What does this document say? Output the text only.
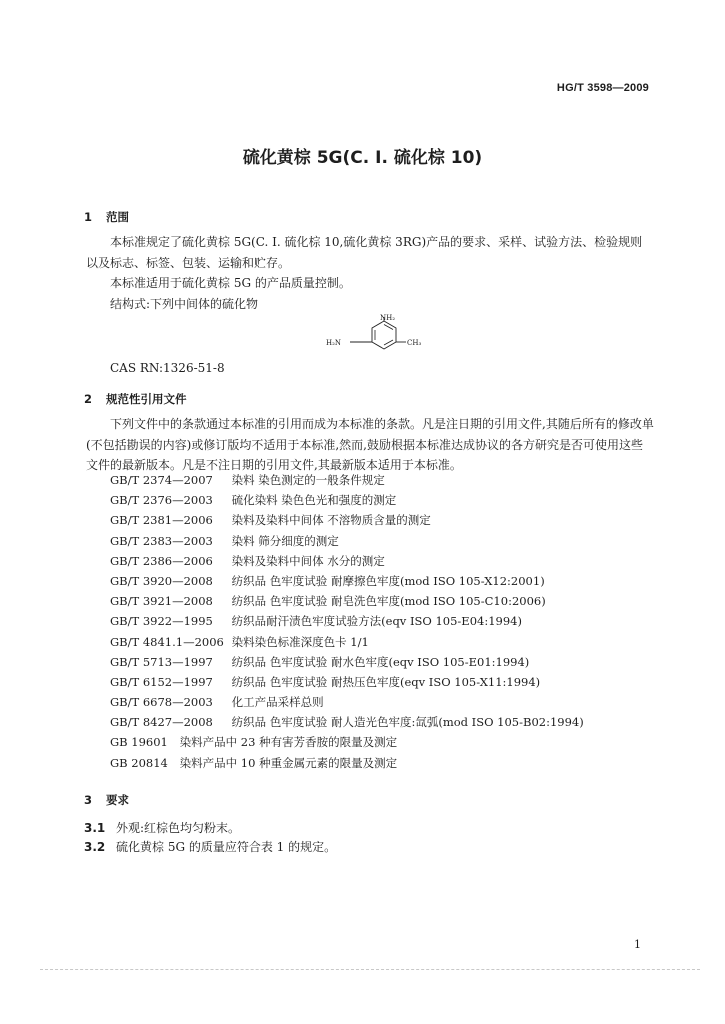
HG/T 3598—2009
硫化黄棕 5G(C. I. 硫化棕 10)
1 范围

本标准规定了硫化黄棕 5G(C. I. 硫化棕 10,硫化黄棕 3RG)产品的要求、采样、试验方法、检验规则以及标志、标签、包装、运输和贮存。

本标准适用于硫化黄棕 5G 的产品质量控制。

结构式:下列中间体的硫化物

NH₂
H₂N	CH₃
CAS RN:1326-51-8
2 规范性引用文件

下列文件中的条款通过本标准的引用而成为本标准的条款。凡是注日期的引用文件,其随后所有的修改单(不包括勘误的内容)或修订版均不适用于本标准,然而,鼓励根据本标准达成协议的各方研究是否可使用这些文件的最新版本。凡是不注日期的引用文件,其最新版本适用于本标准。

GB/T 2374—2007 染料 染色测定的一般条件规定
GB/T 2376—2003 硫化染料 染色色光和强度的测定
GB/T 2381—2006 染料及染料中间体 不溶物质含量的测定
GB/T 2383—2003 染料 筛分细度的测定
GB/T 2386—2006 染料及染料中间体 水分的测定
GB/T 3920—2008 纺织品 色牢度试验 耐摩擦色牢度(mod ISO 105-X12:2001)
GB/T 3921—2008 纺织品 色牢度试验 耐皂洗色牢度(mod ISO 105-C10:2006)
GB/T 3922—1995 纺织品耐汗渍色牢度试验方法(eqv ISO 105-E04:1994)
GB/T 4841.1—2006 染料染色标准深度色卡 1/1
GB/T 5713—1997 纺织品 色牢度试验 耐水色牢度(eqv ISO 105-E01:1994)
GB/T 6152—1997 纺织品 色牢度试验 耐热压色牢度(eqv ISO 105-X11:1994)
GB/T 6678—2003 化工产品采样总则
GB/T 8427—2008 纺织品 色牢度试验 耐人造光色牢度:氙弧(mod ISO 105-B02:1994)
GB 19601 染料产品中 23 种有害芳香胺的限量及测定
GB 20814 染料产品中 10 种重金属元素的限量及测定
3 要求
3.1 外观:红棕色均匀粉末。
3.2 硫化黄棕 5G 的质量应符合表 1 的规定。
1
